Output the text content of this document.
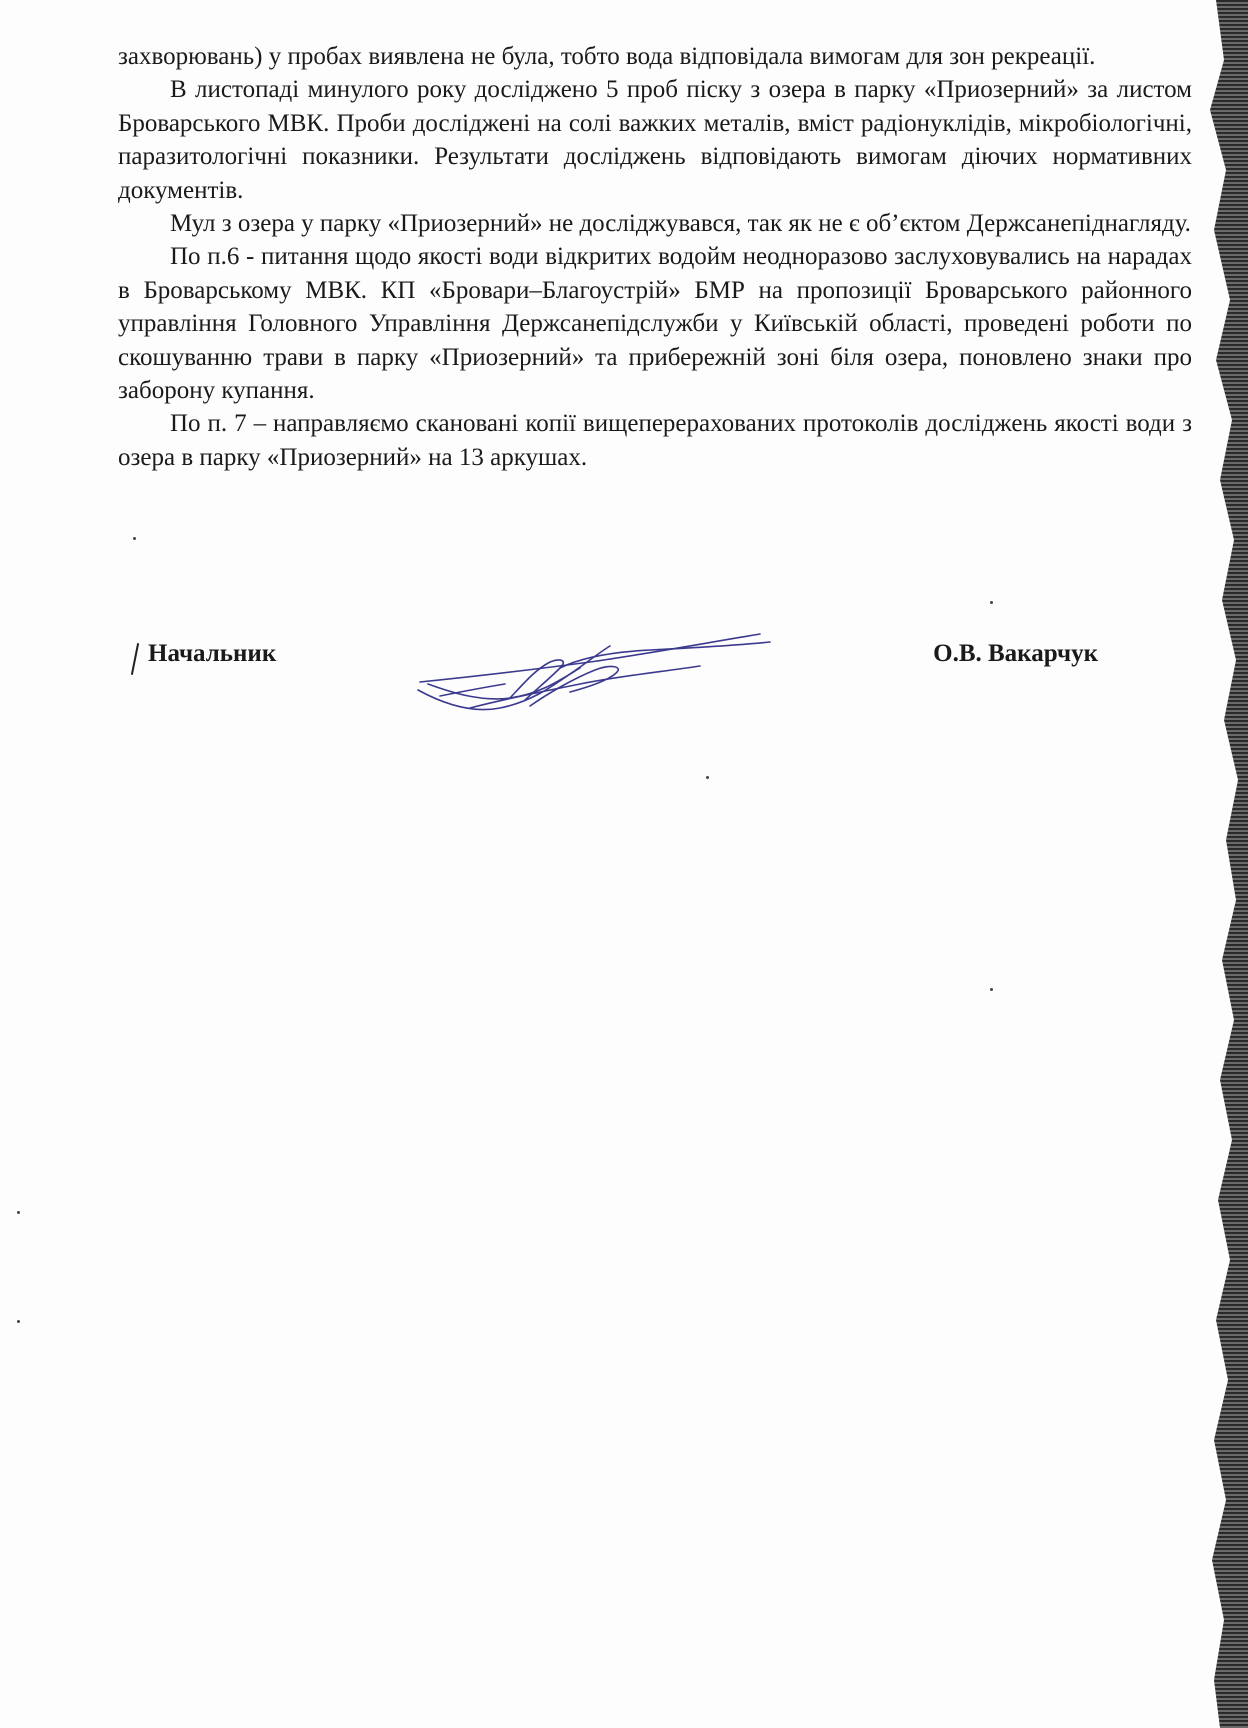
захворювань) у пробах виявлена не була, тобто вода відповідала вимогам для зон рекреації.

В листопаді минулого року досліджено 5 проб піску з озера в парку «Приозерний» за листом Броварського МВК. Проби досліджені на солі важких металів, вміст радіонуклідів, мікробіологічні, паразитологічні показники. Результати досліджень відповідають вимогам діючих нормативних документів.

Мул з озера у парку «Приозерний» не досліджувався, так як не є об’єктом Держсанепіднагляду.

По п.6 - питання щодо якості води відкритих водойм неодноразово заслуховувались на нарадах в Броварському МВК. КП «Бровари–Благоустрій» БМР на пропозиції Броварського районного управління Головного Управління Держсанепідслужби у Київській області, проведені роботи по скошуванню трави в парку «Приозерний» та прибережній зоні біля озера, поновлено знаки про заборону купання.

По п. 7 – направляємо скановані копії вищеперерахованих протоколів досліджень якості води з озера в парку «Приозерний» на 13 аркушах.

Начальник	О.В. Вакарчук
